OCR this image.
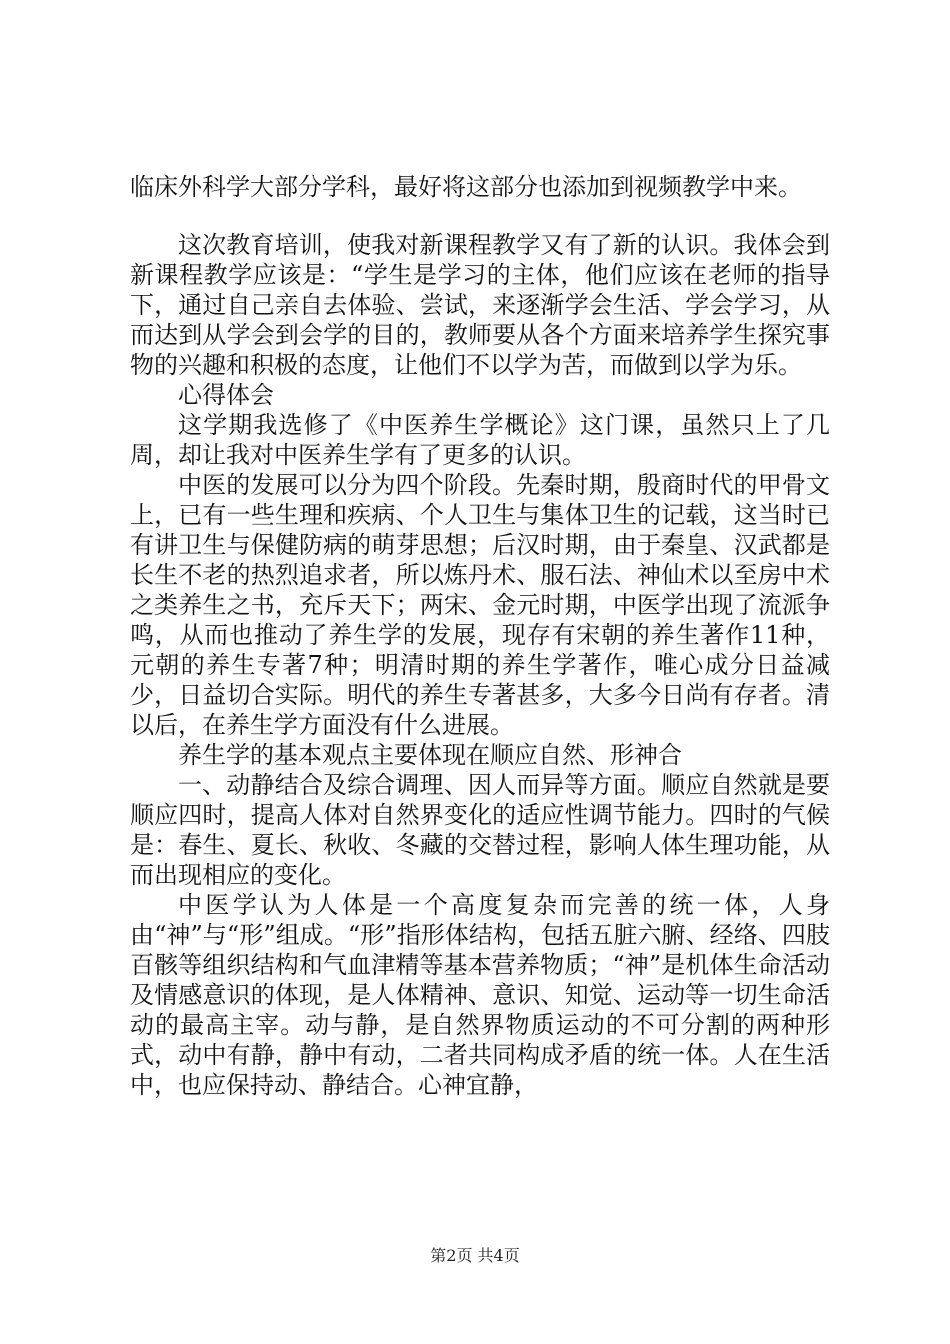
临床外科学大部分学科，最好将这部分也添加到视频教学中来。

这次教育培训，使我对新课程教学又有了新的认识。我体会到新课程教学应该是：“学生是学习的主体，他们应该在老师的指导下，通过自己亲自去体验、尝试，来逐渐学会生活、学会学习，从而达到从学会到会学的目的，教师要从各个方面来培养学生探究事物的兴趣和积极的态度，让他们不以学为苦，而做到以学为乐。

心得体会

这学期我选修了《中医养生学概论》这门课，虽然只上了几周，却让我对中医养生学有了更多的认识。

中医的发展可以分为四个阶段。先秦时期，殷商时代的甲骨文上，已有一些生理和疾病、个人卫生与集体卫生的记载，这当时已有讲卫生与保健防病的萌芽思想；后汉时期，由于秦皇、汉武都是长生不老的热烈追求者，所以炼丹术、服石法、神仙术以至房中术之类养生之书，充斥天下；两宋、金元时期，中医学出现了流派争鸣，从而也推动了养生学的发展，现存有宋朝的养生著作11种，元朝的养生专著7种；明清时期的养生学著作，唯心成分日益减少，日益切合实际。明代的养生专著甚多，大多今日尚有存者。清以后，在养生学方面没有什么进展。

养生学的基本观点主要体现在顺应自然、形神合

一、动静结合及综合调理、因人而异等方面。顺应自然就是要顺应四时，提高人体对自然界变化的适应性调节能力。四时的气候是：春生、夏长、秋收、冬藏的交替过程，影响人体生理功能，从而出现相应的变化。

中医学认为人体是一个高度复杂而完善的统一体，人身由“神”与“形”组成。“形”指形体结构，包括五脏六腑、经络、四肢百骸等组织结构和气血津精等基本营养物质；“神”是机体生命活动及情感意识的体现，是人体精神、意识、知觉、运动等一切生命活动的最高主宰。动与静，是自然界物质运动的不可分割的两种形式，动中有静，静中有动，二者共同构成矛盾的统一体。人在生活中，也应保持动、静结合。心神宜静，

第2页 共4页
